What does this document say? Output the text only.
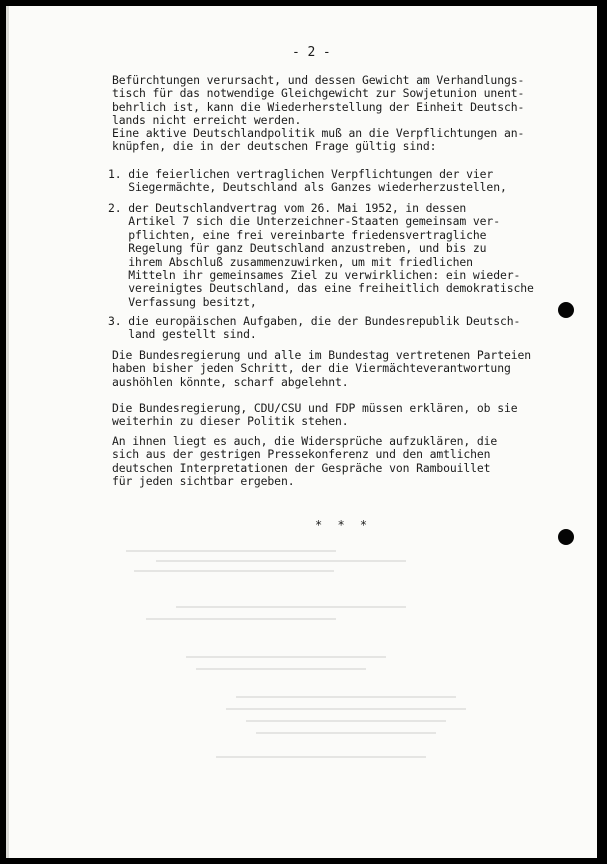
- 2 -
Befürchtungen verursacht, und dessen Gewicht am Verhandlungs-
tisch für das notwendige Gleichgewicht zur Sowjetunion unent-
behrlich ist, kann die Wiederherstellung der Einheit Deutsch-
lands nicht erreicht werden.
Eine aktive Deutschlandpolitik muß an die Verpflichtungen an-
knüpfen, die in der deutschen Frage gültig sind:
1. die feierlichen vertraglichen Verpflichtungen der vier
Siegermächte, Deutschland als Ganzes wiederherzustellen,
2. der Deutschlandvertrag vom 26. Mai 1952, in dessen
Artikel 7 sich die Unterzeichner-Staaten gemeinsam ver-
pflichten, eine frei vereinbarte friedensvertragliche
Regelung für ganz Deutschland anzustreben, und bis zu
ihrem Abschluß zusammenzuwirken, um mit friedlichen
Mitteln ihr gemeinsames Ziel zu verwirklichen: ein wieder-
vereinigtes Deutschland, das eine freiheitlich demokratische
Verfassung besitzt,
3. die europäischen Aufgaben, die der Bundesrepublik Deutsch-
land gestellt sind.
Die Bundesregierung und alle im Bundestag vertretenen Parteien
haben bisher jeden Schritt, der die Viermächteverantwortung
aushöhlen könnte, scharf abgelehnt.
Die Bundesregierung, CDU/CSU und FDP müssen erklären, ob sie
weiterhin zu dieser Politik stehen.
An ihnen liegt es auch, die Widersprüche aufzuklären, die
sich aus der gestrigen Pressekonferenz und den amtlichen
deutschen Interpretationen der Gespräche von Rambouillet
für jeden sichtbar ergeben.
* * *
